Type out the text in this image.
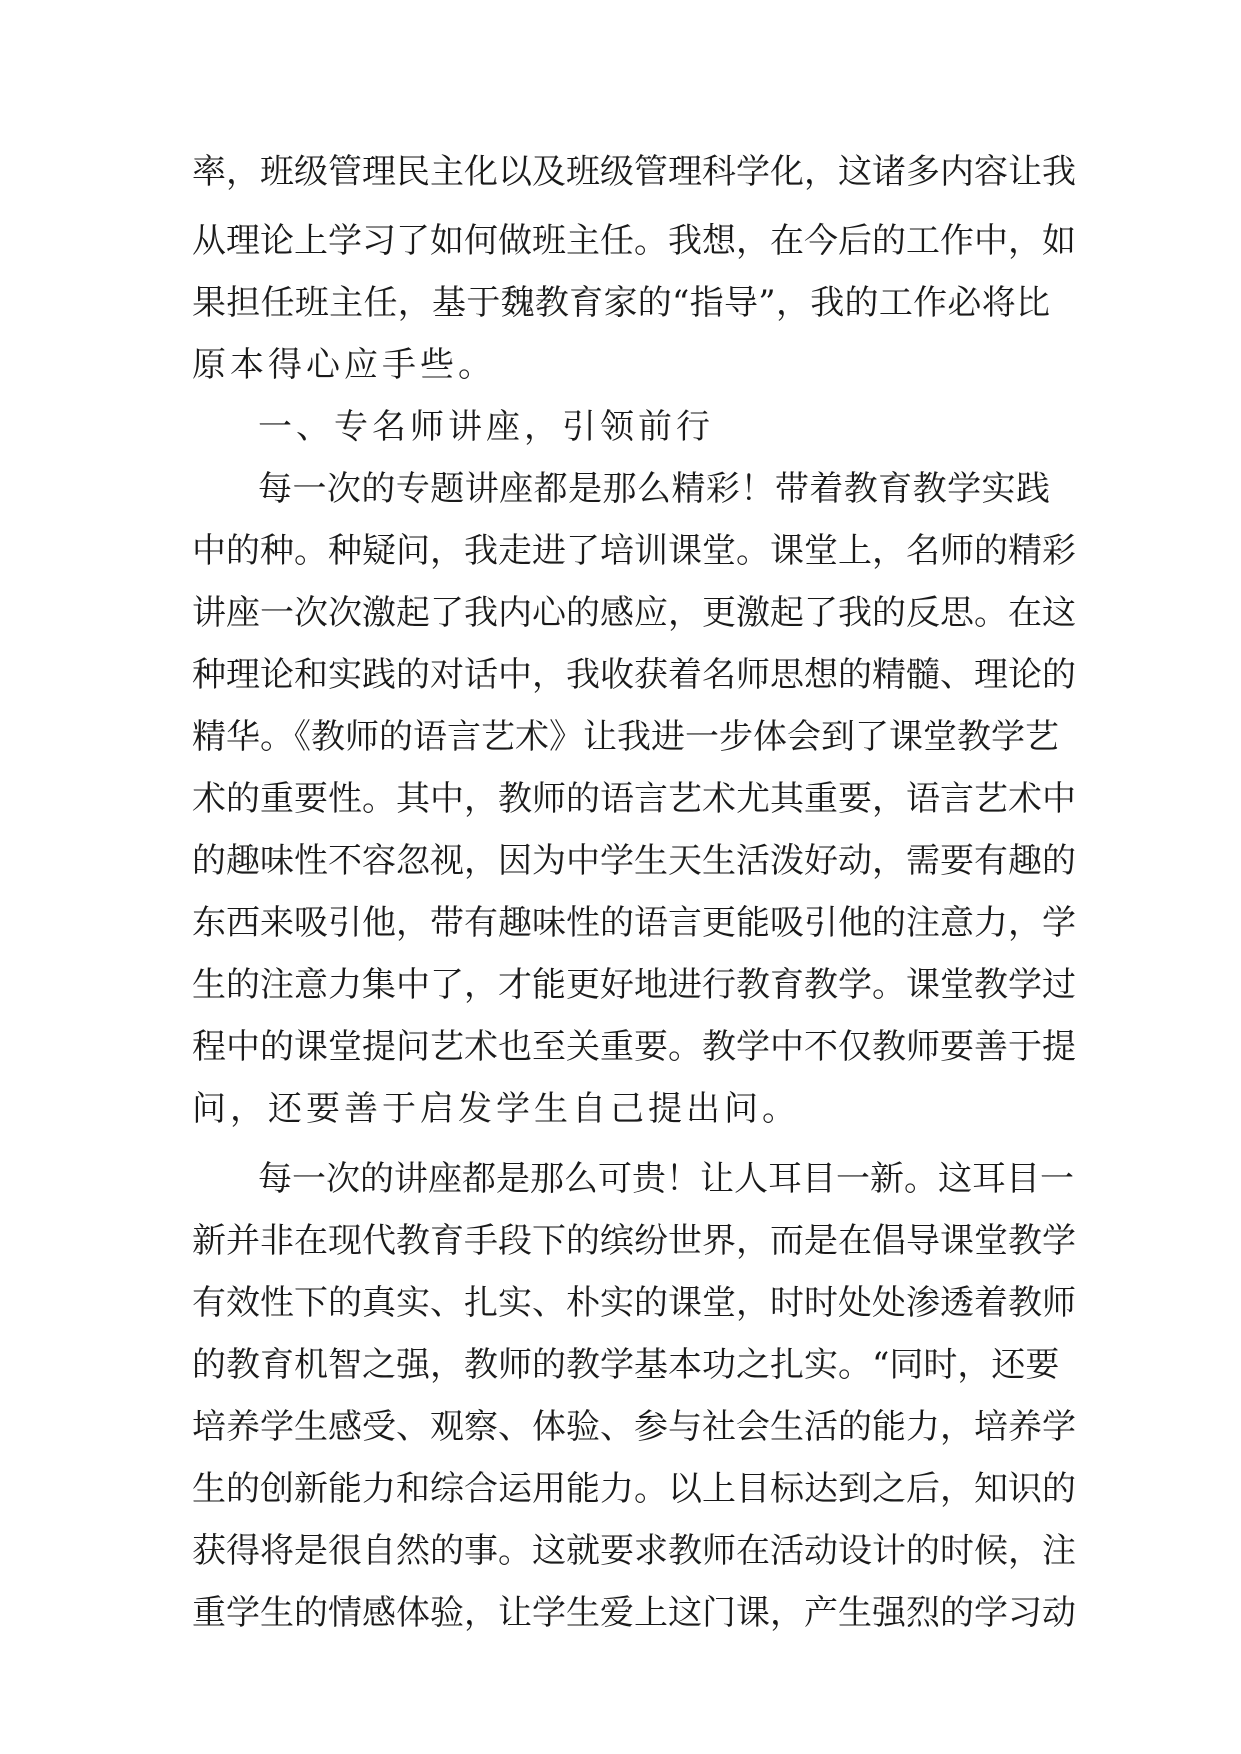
率，班级管理民主化以及班级管理科学化，这诸多内容让我
从理论上学习了如何做班主任。我想，在今后的工作中，如
果担任班主任，基于魏教育家的“指导”，我的工作必将比
原本得心应手些。
一、专名师讲座，引领前行
每一次的专题讲座都是那么精彩！带着教育教学实践
中的种。种疑问，我走进了培训课堂。课堂上，名师的精彩
讲座一次次激起了我内心的感应，更激起了我的反思。在这
种理论和实践的对话中，我收获着名师思想的精髓、理论的
精华。《教师的语言艺术》让我进一步体会到了课堂教学艺
术的重要性。其中，教师的语言艺术尤其重要，语言艺术中
的趣味性不容忽视，因为中学生天生活泼好动，需要有趣的
东西来吸引他，带有趣味性的语言更能吸引他的注意力，学
生的注意力集中了，才能更好地进行教育教学。课堂教学过
程中的课堂提问艺术也至关重要。教学中不仅教师要善于提
问，还要善于启发学生自己提出问。
每一次的讲座都是那么可贵！让人耳目一新。这耳目一
新并非在现代教育手段下的缤纷世界，而是在倡导课堂教学
有效性下的真实、扎实、朴实的课堂，时时处处渗透着教师
的教育机智之强，教师的教学基本功之扎实。“同时，还要
培养学生感受、观察、体验、参与社会生活的能力，培养学
生的创新能力和综合运用能力。以上目标达到之后，知识的
获得将是很自然的事。这就要求教师在活动设计的时候，注
重学生的情感体验，让学生爱上这门课，产生强烈的学习动
